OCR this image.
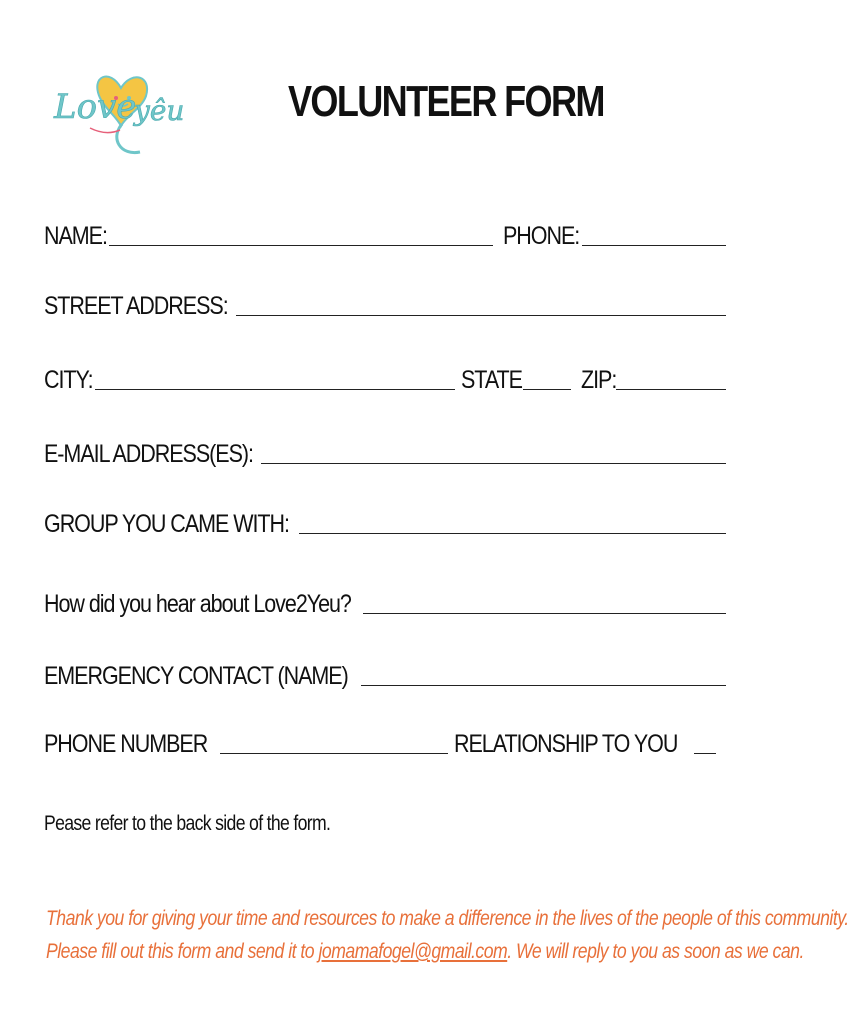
Love
yêu VOLUNTEER FORM
NAME:	PHONE:
STREET ADDRESS:
CITY:	STATE ZIP:
E-MAIL ADDRESS(ES):
GROUP YOU CAME WITH:
How did you hear about Love2Yeu?
EMERGENCY CONTACT (NAME)
PHONE NUMBER	RELATIONSHIP TO YOU
Pease refer to the back side of the form.
Thank you for giving your time and resources to make a difference in the lives of the people of this community.
Please fill out this form and send it to jomamafogel@gmail.com. We will reply to you as soon as we can.
